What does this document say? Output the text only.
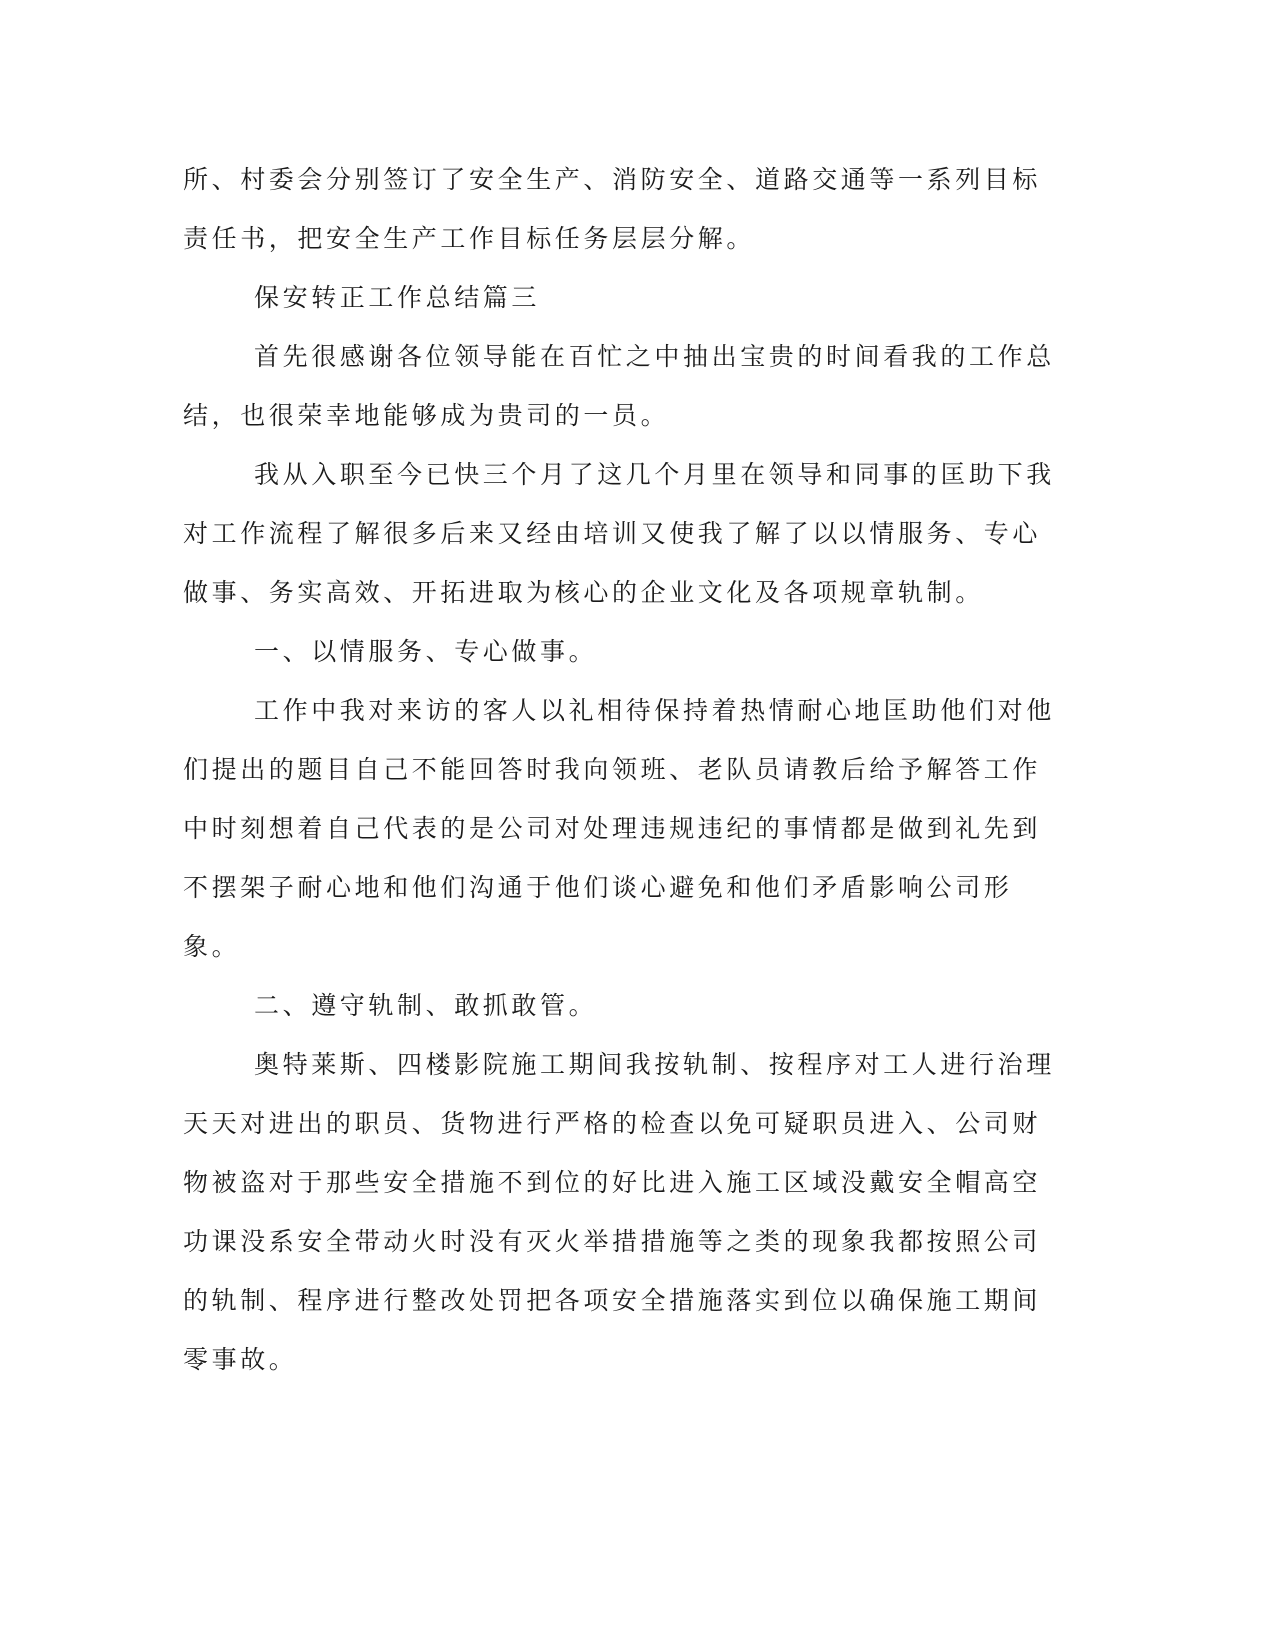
所、村委会分别签订了安全生产、消防安全、道路交通等一系列目标责任书，把安全生产工作目标任务层层分解。

保安转正工作总结篇三

首先很感谢各位领导能在百忙之中抽出宝贵的时间看我的工作总结，也很荣幸地能够成为贵司的一员。

我从入职至今已快三个月了这几个月里在领导和同事的匡助下我对工作流程了解很多后来又经由培训又使我了解了以以情服务、专心做事、务实高效、开拓进取为核心的企业文化及各项规章轨制。

一、以情服务、专心做事。

工作中我对来访的客人以礼相待保持着热情耐心地匡助他们对他们提出的题目自己不能回答时我向领班、老队员请教后给予解答工作中时刻想着自己代表的是公司对处理违规违纪的事情都是做到礼先到不摆架子耐心地和他们沟通于他们谈心避免和他们矛盾影响公司形象。

二、遵守轨制、敢抓敢管。

奥特莱斯、四楼影院施工期间我按轨制、按程序对工人进行治理天天对进出的职员、货物进行严格的检查以免可疑职员进入、公司财物被盗对于那些安全措施不到位的好比进入施工区域没戴安全帽高空功课没系安全带动火时没有灭火举措措施等之类的现象我都按照公司的轨制、程序进行整改处罚把各项安全措施落实到位以确保施工期间零事故。
